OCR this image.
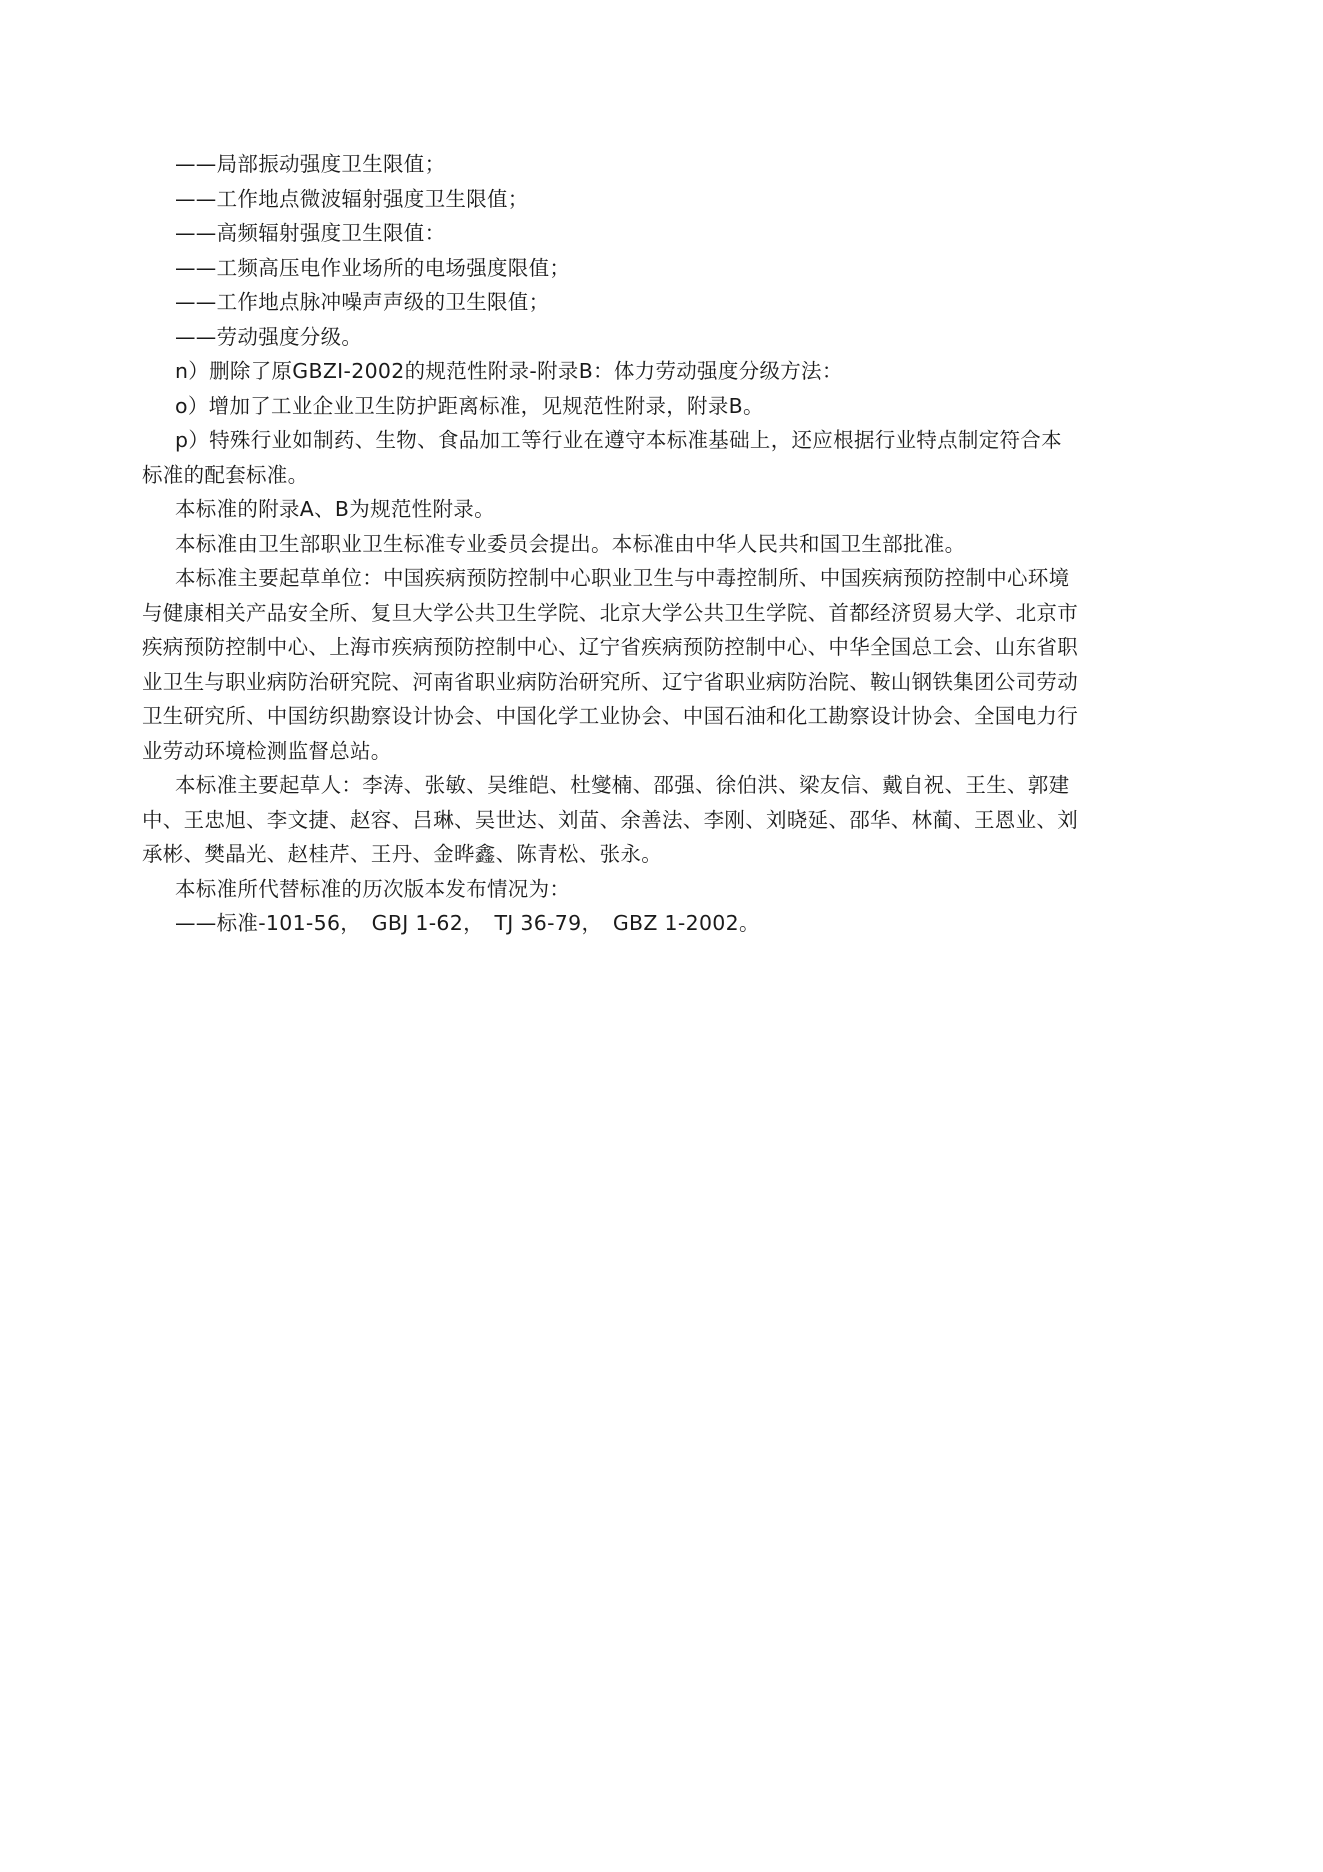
——局部振动强度卫生限值；
——工作地点微波辐射强度卫生限值；
——高频辐射强度卫生限值：
——工频高压电作业场所的电场强度限值；
——工作地点脉冲噪声声级的卫生限值；
——劳动强度分级。
n）删除了原GBZI-2002的规范性附录-附录B：体力劳动强度分级方法：
o）增加了工业企业卫生防护距离标准，见规范性附录，附录B。
p）特殊行业如制药、生物、食品加工等行业在遵守本标准基础上，还应根据行业特点制定符合本
标准的配套标准。
本标准的附录A、B为规范性附录。
本标准由卫生部职业卫生标准专业委员会提出。本标准由中华人民共和国卫生部批准。
本标准主要起草单位：中国疾病预防控制中心职业卫生与中毒控制所、中国疾病预防控制中心环境
与健康相关产品安全所、复旦大学公共卫生学院、北京大学公共卫生学院、首都经济贸易大学、北京市
疾病预防控制中心、上海市疾病预防控制中心、辽宁省疾病预防控制中心、中华全国总工会、山东省职
业卫生与职业病防治研究院、河南省职业病防治研究所、辽宁省职业病防治院、鞍山钢铁集团公司劳动
卫生研究所、中国纺织勘察设计协会、中国化学工业协会、中国石油和化工勘察设计协会、全国电力行
业劳动环境检测监督总站。
本标准主要起草人：李涛、张敏、吴维皑、杜燮楠、邵强、徐伯洪、梁友信、戴自祝、王生、郭建
中、王忠旭、李文捷、赵容、吕琳、吴世达、刘苗、余善法、李刚、刘晓延、邵华、林蔺、王恩业、刘
承彬、樊晶光、赵桂芹、王丹、金晔鑫、陈青松、张永。
本标准所代替标准的历次版本发布情况为：
——标准-101-56，　GBJ 1-62，　TJ 36-79，　GBZ 1-2002。
